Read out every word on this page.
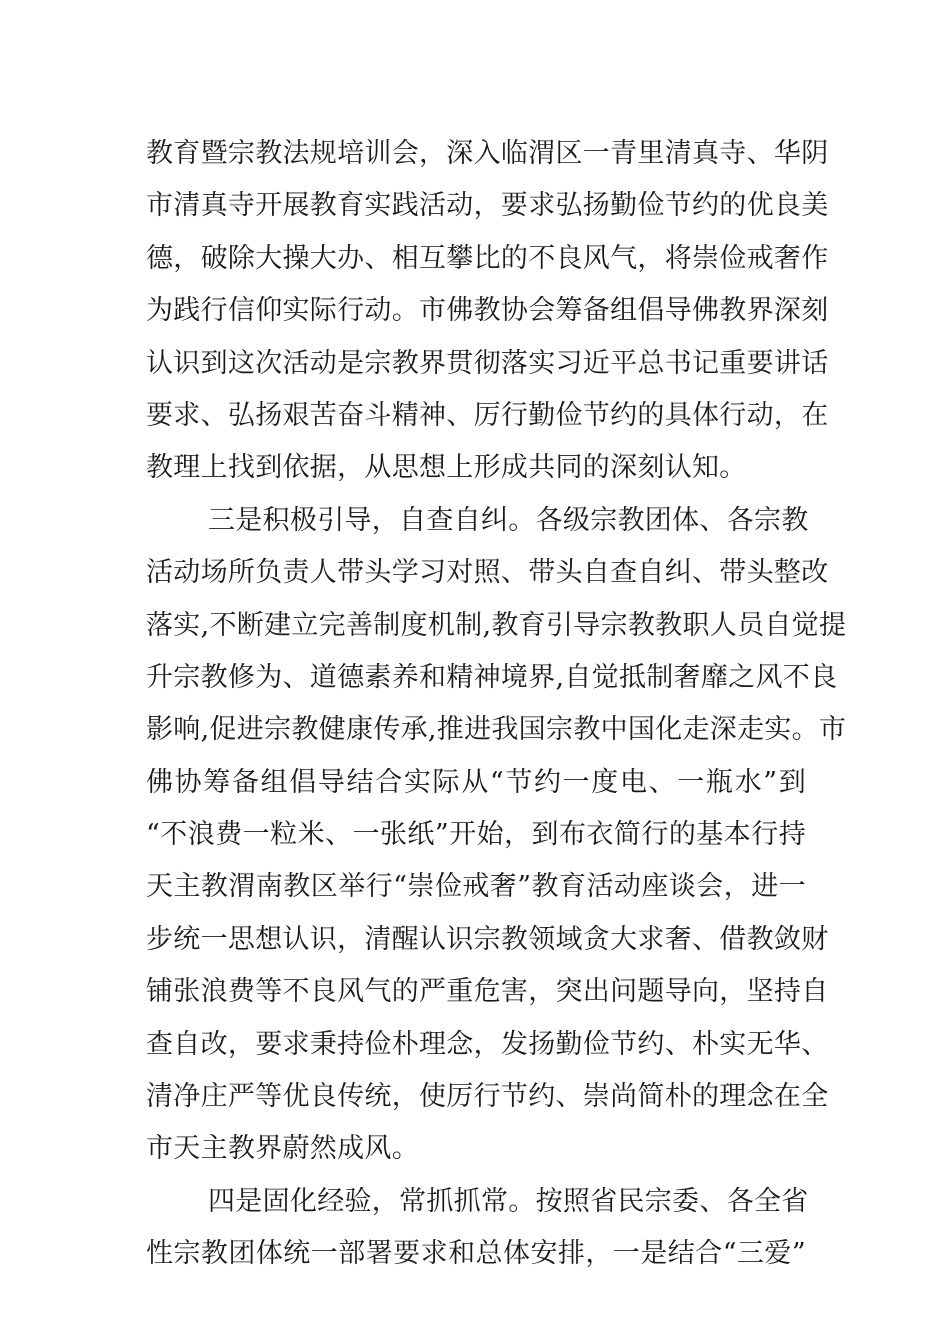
教育暨宗教法规培训会，深入临渭区一青里清真寺、华阴
市清真寺开展教育实践活动，要求弘扬勤俭节约的优良美
德，破除大操大办、相互攀比的不良风气，将崇俭戒奢作
为践行信仰实际行动。市佛教协会筹备组倡导佛教界深刻
认识到这次活动是宗教界贯彻落实习近平总书记重要讲话
要求、弘扬艰苦奋斗精神、厉行勤俭节约的具体行动，在
教理上找到依据，从思想上形成共同的深刻认知。
三是积极引导，自查自纠。各级宗教团体、各宗教
活动场所负责人带头学习对照、带头自查自纠、带头整改
落实,不断建立完善制度机制,教育引导宗教教职人员自觉提
升宗教修为、道德素养和精神境界,自觉抵制奢靡之风不良
影响,促进宗教健康传承,推进我国宗教中国化走深走实。市
佛协筹备组倡导结合实际从“节约一度电、一瓶水”到
“不浪费一粒米、一张纸”开始，到布衣简行的基本行持
天主教渭南教区举行“崇俭戒奢”教育活动座谈会，进一
步统一思想认识，清醒认识宗教领域贪大求奢、借教敛财
铺张浪费等不良风气的严重危害，突出问题导向，坚持自
查自改，要求秉持俭朴理念，发扬勤俭节约、朴实无华、
清净庄严等优良传统，使厉行节约、崇尚简朴的理念在全
市天主教界蔚然成风。
四是固化经验，常抓抓常。按照省民宗委、各全省
性宗教团体统一部署要求和总体安排，一是结合“三爱”
